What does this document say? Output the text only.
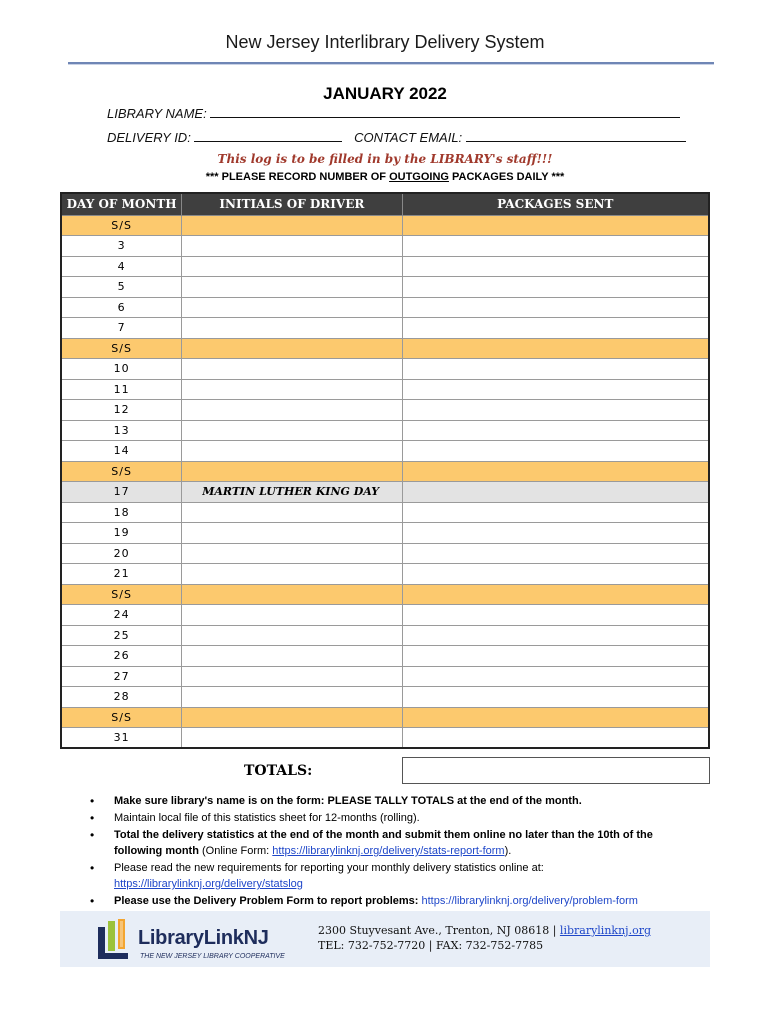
New Jersey Interlibrary Delivery System
JANUARY 2022
LIBRARY NAME:
DELIVERY ID:	CONTACT EMAIL:
This log is to be filled in by the LIBRARY's staff!!!
*** PLEASE RECORD NUMBER OF OUTGOING PACKAGES DAILY ***
DAY OF MONTH	INITIALS OF DRIVER	PACKAGES SENT
S/S		
3		
4		
5		
6		
7		
S/S		
10		
11		
12		
13		
14		
S/S		
17	MARTIN LUTHER KING DAY	
18		
19		
20		
21		
S/S		
24		
25		
26		
27		
28		
S/S		
31		
TOTALS:
• Make sure library's name is on the form: PLEASE TALLY TOTALS at the end of the month.
• Maintain local file of this statistics sheet for 12-months (rolling).
• Total the delivery statistics at the end of the month and submit them online no later than the 10th of the following month (Online Form: https://librarylinknj.org/delivery/stats-report-form).
• Please read the new requirements for reporting your monthly delivery statistics online at:
https://librarylinknj.org/delivery/statslog
• Please use the Delivery Problem Form to report problems: https://librarylinknj.org/delivery/problem-form
LibraryLinkNJ
THE NEW JERSEY LIBRARY COOPERATIVE
2300 Stuyvesant Ave., Trenton, NJ 08618 | librarylinknj.org
TEL: 732-752-7720 | FAX: 732-752-7785
